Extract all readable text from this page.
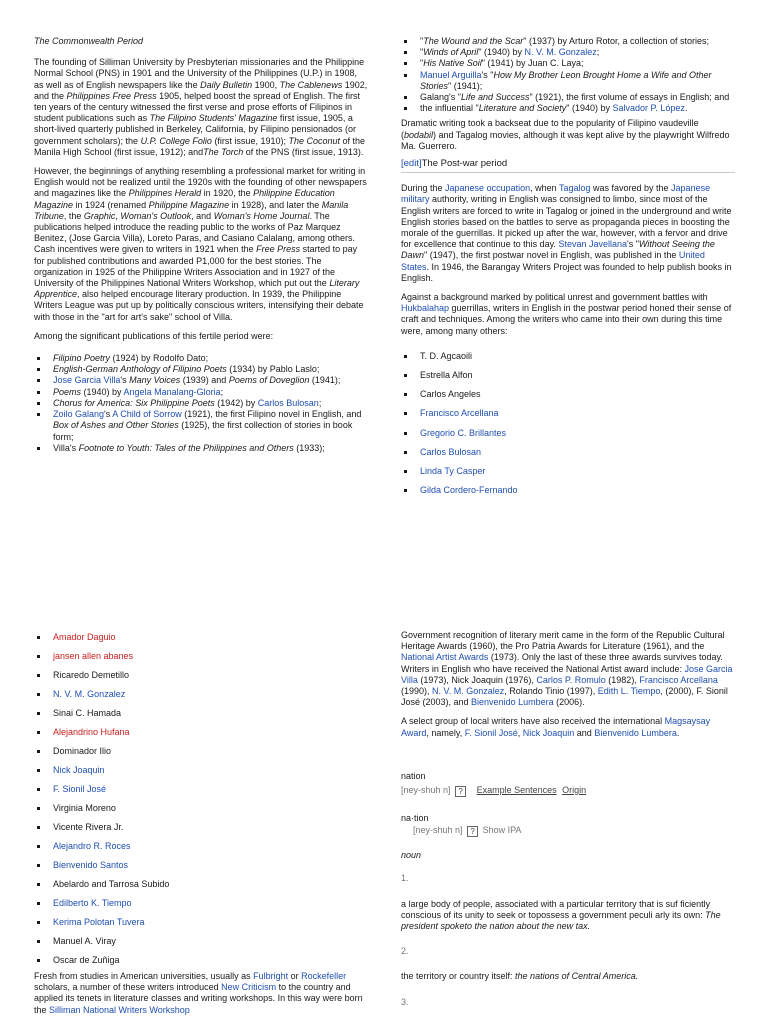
The Commonwealth Period

The founding of Silliman University by Presbyterian missionaries and the Philippine Normal School (PNS) in 1901 and the University of the Philippines (U.P.) in 1908, as well as of English newspapers like the Daily Bulletin 1900, The Cablenews 1902, and the Philippines Free Press 1905, helped boost the spread of English. The first ten years of the century witnessed the first verse and prose efforts of Filipinos in student publications such as The Filipino Students' Magazine first issue, 1905, a short-lived quarterly published in Berkeley, California, by Filipino pensionados (or government scholars); the U.P. College Folio (first issue, 1910); The Coconut of the Manila High School (first issue, 1912); andThe Torch of the PNS (first issue, 1913).

However, the beginnings of anything resembling a professional market for writing in English would not be realized until the 1920s with the founding of other newspapers and magazines like the Philippines Herald in 1920, the Philippine Education Magazine in 1924 (renamed Philippine Magazine in 1928), and later the Manila Tribune, the Graphic, Woman's Outlook, and Woman's Home Journal. The publications helped introduce the reading public to the works of Paz Marquez Benitez, (Jose Garcia Villa), Loreto Paras, and Casiano Calalang, among others. Cash incentives were given to writers in 1921 when the Free Press started to pay for published contributions and awarded P1,000 for the best stories. The organization in 1925 of the Philippine Writers Association and in 1927 of the University of the Philippines National Writers Workshop, which put out the Literary Apprentice, also helped encourage literary production. In 1939, the Philippine Writers League was put up by politically conscious writers, intensifying their debate with those in the "art for art's sake" school of Villa.

Among the significant publications of this fertile period were:

Filipino Poetry (1924) by Rodolfo Dato;
English-German Anthology of Filipino Poets (1934) by Pablo Laslo;
Jose Garcia Villa's Many Voices (1939) and Poems of Doveglion (1941);
Poems (1940) by Angela Manalang-Gloria;
Chorus for America: Six Philippine Poets (1942) by Carlos Bulosan;
Zoilo Galang's A Child of Sorrow (1921), the first Filipino novel in English, and Box of Ashes and Other Stories (1925), the first collection of stories in book form;
Villa's Footnote to Youth: Tales of the Philippines and Others (1933);
"The Wound and the Scar" (1937) by Arturo Rotor, a collection of stories;
"Winds of April" (1940) by N. V. M. Gonzalez;
"His Native Soil" (1941) by Juan C. Laya;
Manuel Arguilla's "How My Brother Leon Brought Home a Wife and Other Stories" (1941);
Galang's "Life and Success" (1921), the first volume of essays in English; and
the influential "Literature and Society" (1940) by Salvador P. López.

Dramatic writing took a backseat due to the popularity of Filipino vaudeville (bodabil) and Tagalog movies, although it was kept alive by the playwright Wilfredo Ma. Guerrero.

[edit]The Post-war period

During the Japanese occupation, when Tagalog was favored by the Japanese military authority, writing in English was consigned to limbo, since most of the English writers are forced to write in Tagalog or joined in the underground and write English stories based on the battles to serve as propaganda pieces in boosting the morale of the guerrillas. It picked up after the war, however, with a fervor and drive for excellence that continue to this day. Stevan Javellana's "Without Seeing the Dawn" (1947), the first postwar novel in English, was published in the United States. In 1946, the Barangay Writers Project was founded to help publish books in English.

Against a background marked by political unrest and government battles with Hukbalahap guerrillas, writers in English in the postwar period honed their sense of craft and techniques. Among the writers who came into their own during this time were, among many others:

T. D. Agcaoili
Estrella Alfon
Carlos Angeles
Francisco Arcellana
Gregorio C. Brillantes
Carlos Bulosan
Linda Ty Casper
Gilda Cordero-Fernando
Amador Daguio
jansen allen abanes
Ricaredo Demetillo
N. V. M. Gonzalez
Sinai C. Hamada
Alejandrino Hufana
Dominador Ilio
Nick Joaquin
F. Sionil José
Virginia Moreno
Vicente Rivera Jr.
Alejandro R. Roces
Bienvenido Santos
Abelardo and Tarrosa Subido
Edilberto K. Tiempo
Kerima Polotan Tuvera
Manuel A. Viray
Oscar de Zuñiga

Fresh from studies in American universities, usually as Fulbright or Rockefeller scholars, a number of these writers introduced New Criticism to the country and applied its tenets in literature classes and writing workshops. In this way were born the Silliman National Writers Workshop

Government recognition of literary merit came in the form of the Republic Cultural Heritage Awards (1960), the Pro Patria Awards for Literature (1961), and the National Artist Awards (1973). Only the last of these three awards survives today. Writers in English who have received the National Artist award include: Jose Garcia Villa (1973), Nick Joaquin (1976), Carlos P. Romulo (1982), Francisco Arcellana (1990), N. V. M. Gonzalez, Rolando Tinio (1997), Edith L. Tiempo, (2000), F. Sionil José (2003), and Bienvenido Lumbera (2006).

A select group of local writers have also received the international Magsaysay Award, namely, F. Sionil José, Nick Joaquin and Bienvenido Lumbera.

nation
[ney-shuh n] ? Example Sentences Origin
na·tion
[ney-shuh n] ? Show IPA
noun
1.
a large body of people, associated with a particular territory that is suf ficiently conscious of its unity to seek or topossess a government peculi arly its own: The president spoketo the nation about the new tax.
2.
the territory or country itself: the nations of Central America.
3.
